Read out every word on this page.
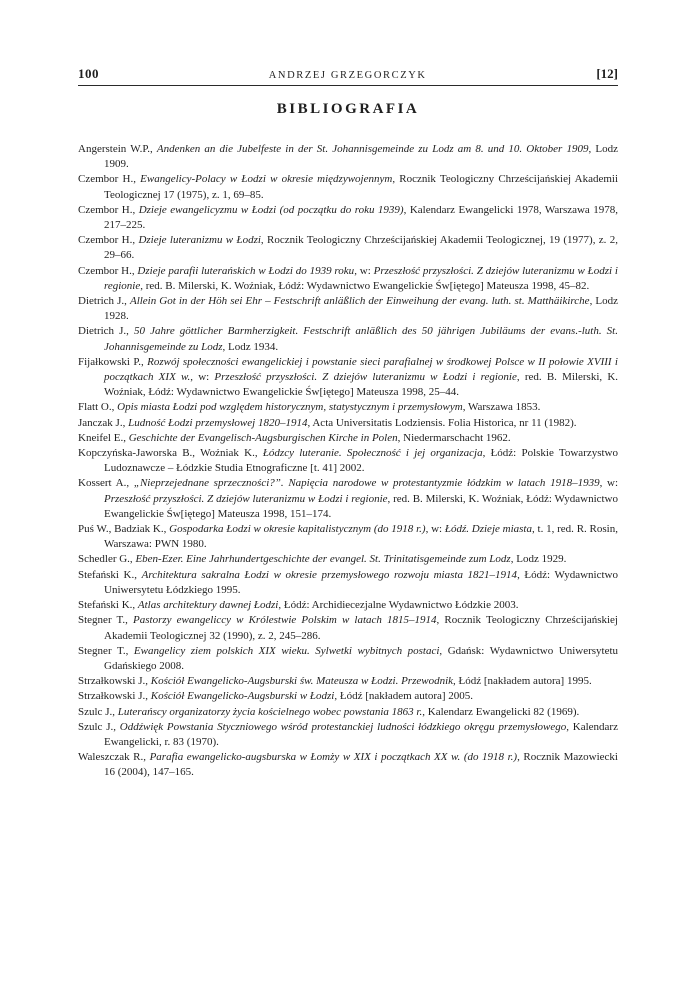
100	ANDRZEJ GRZEGORCZYK	[12]
BIBLIOGRAFIA

Angerstein W.P., Andenken an die Jubelfeste in der St. Johannisgemeinde zu Lodz am 8. und 10. Oktober 1909, Lodz 1909.

Czembor H., Ewangelicy-Polacy w Łodzi w okresie międzywojennym, Rocznik Teologiczny Chrześcijańskiej Akademii Teologicznej 17 (1975), z. 1, 69–85.

Czembor H., Dzieje ewangelicyzmu w Łodzi (od początku do roku 1939), Kalendarz Ewangelicki 1978, Warszawa 1978, 217–225.

Czembor H., Dzieje luteranizmu w Łodzi, Rocznik Teologiczny Chrześcijańskiej Akademii Teologicznej, 19 (1977), z. 2, 29–66.

Czembor H., Dzieje parafii luterańskich w Łodzi do 1939 roku, w: Przeszłość przyszłości. Z dziejów luteranizmu w Łodzi i regionie, red. B. Milerski, K. Woźniak, Łódź: Wydawnictwo Ewangelickie Św[iętego] Mateusza 1998, 45–82.

Dietrich J., Allein Got in der Höh sei Ehr – Festschrift anläßlich der Einweihung der evang. luth. st. Matthäikirche, Lodz 1928.

Dietrich J., 50 Jahre göttlicher Barmherzigkeit. Festschrift anläßlich des 50 jährigen Jubiläums der evans.-luth. St. Johannisgemeinde zu Lodz, Lodz 1934.

Fijałkowski P., Rozwój społeczności ewangelickiej i powstanie sieci parafialnej w środkowej Polsce w II połowie XVIII i początkach XIX w., w: Przeszłość przyszłości. Z dziejów luteranizmu w Łodzi i regionie, red. B. Milerski, K. Woźniak, Łódź: Wydawnictwo Ewangelickie Św[iętego] Mateusza 1998, 25–44.

Flatt O., Opis miasta Łodzi pod względem historycznym, statystycznym i przemysłowym, Warszawa 1853.

Janczak J., Ludność Łodzi przemysłowej 1820–1914, Acta Universitatis Lodziensis. Folia Historica, nr 11 (1982).

Kneifel E., Geschichte der Evangelisch-Augsburgischen Kirche in Polen, Niedermarschacht 1962.

Kopczyńska-Jaworska B., Woźniak K., Łódzcy luteranie. Społeczność i jej organizacja, Łódź: Polskie Towarzystwo Ludoznawcze – Łódzkie Studia Etnograficzne [t. 41] 2002.

Kossert A., „Nieprzejednane sprzeczności?”. Napięcia narodowe w protestantyzmie łódzkim w latach 1918–1939, w: Przeszłość przyszłości. Z dziejów luteranizmu w Łodzi i regionie, red. B. Milerski, K. Woźniak, Łódź: Wydawnictwo Ewangelickie Św[iętego] Mateusza 1998, 151–174.

Puś W., Badziak K., Gospodarka Łodzi w okresie kapitalistycznym (do 1918 r.), w: Łódź. Dzieje miasta, t. 1, red. R. Rosin, Warszawa: PWN 1980.

Schedler G., Eben-Ezer. Eine Jahrhundertgeschichte der evangel. St. Trinitatisgemeinde zum Lodz, Lodz 1929.

Stefański K., Architektura sakralna Łodzi w okresie przemysłowego rozwoju miasta 1821–1914, Łódź: Wydawnictwo Uniwersytetu Łódzkiego 1995.

Stefański K., Atlas architektury dawnej Łodzi, Łódź: Archidiecezjalne Wydawnictwo Łódzkie 2003.

Stegner T., Pastorzy ewangeliccy w Królestwie Polskim w latach 1815–1914, Rocznik Teologiczny Chrześcijańskiej Akademii Teologicznej 32 (1990), z. 2, 245–286.

Stegner T., Ewangelicy ziem polskich XIX wieku. Sylwetki wybitnych postaci, Gdańsk: Wydawnictwo Uniwersytetu Gdańskiego 2008.

Strzałkowski J., Kościół Ewangelicko-Augsburski św. Mateusza w Łodzi. Przewodnik, Łódź [nakładem autora] 1995.

Strzałkowski J., Kościół Ewangelicko-Augsburski w Łodzi, Łódź [nakładem autora] 2005.

Szulc J., Luterańscy organizatorzy życia kościelnego wobec powstania 1863 r., Kalendarz Ewangelicki 82 (1969).

Szulc J., Oddźwięk Powstania Styczniowego wśród protestanckiej ludności łódzkiego okręgu przemysłowego, Kalendarz Ewangelicki, r. 83 (1970).

Waleszczak R., Parafia ewangelicko-augsburska w Łomży w XIX i początkach XX w. (do 1918 r.), Rocznik Mazowiecki 16 (2004), 147–165.
